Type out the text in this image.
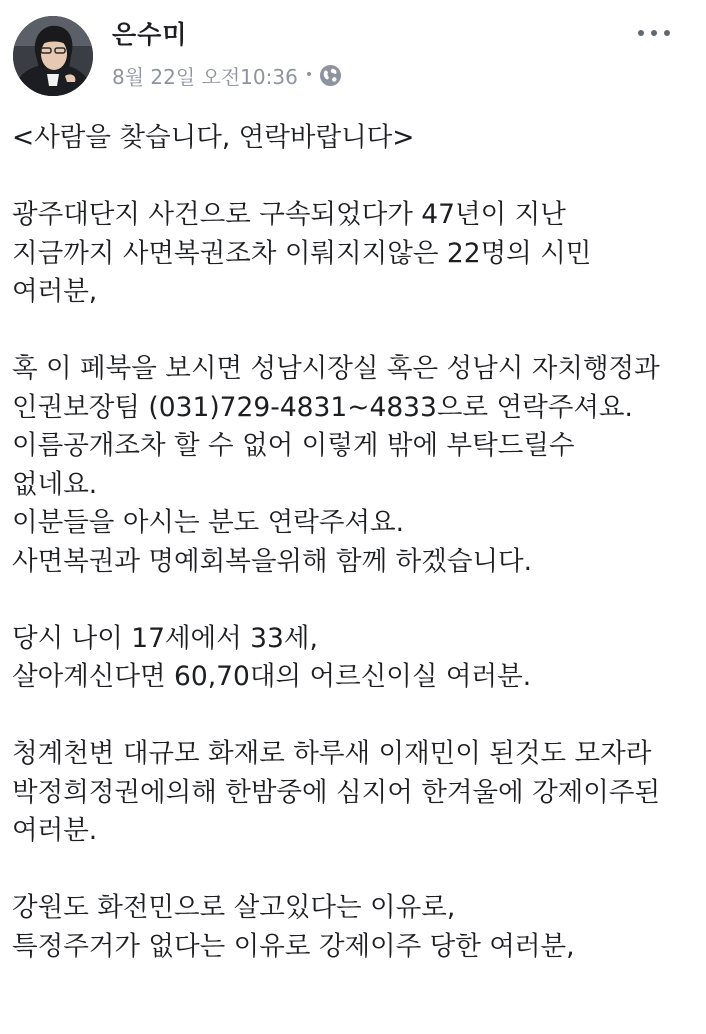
은수미
8월 22일 오전10:36 •
<사람을 찾습니다, 연락바랍니다>
광주대단지 사건으로 구속되었다가 47년이 지난
지금까지 사면복권조차 이뤄지지않은 22명의 시민
여러분,
혹 이 페북을 보시면 성남시장실 혹은 성남시 자치행정과
인권보장팀 (031)729-4831~4833으로 연락주셔요.
이름공개조차 할 수 없어 이렇게 밖에 부탁드릴수
없네요.
이분들을 아시는 분도 연락주셔요.
사면복권과 명예회복을위해 함께 하겠습니다.
당시 나이 17세에서 33세,
살아계신다면 60,70대의 어르신이실 여러분.
청계천변 대규모 화재로 하루새 이재민이 된것도 모자라
박정희정권에의해 한밤중에 심지어 한겨울에 강제이주된
여러분.
강원도 화전민으로 살고있다는 이유로,
특정주거가 없다는 이유로 강제이주 당한 여러분,
